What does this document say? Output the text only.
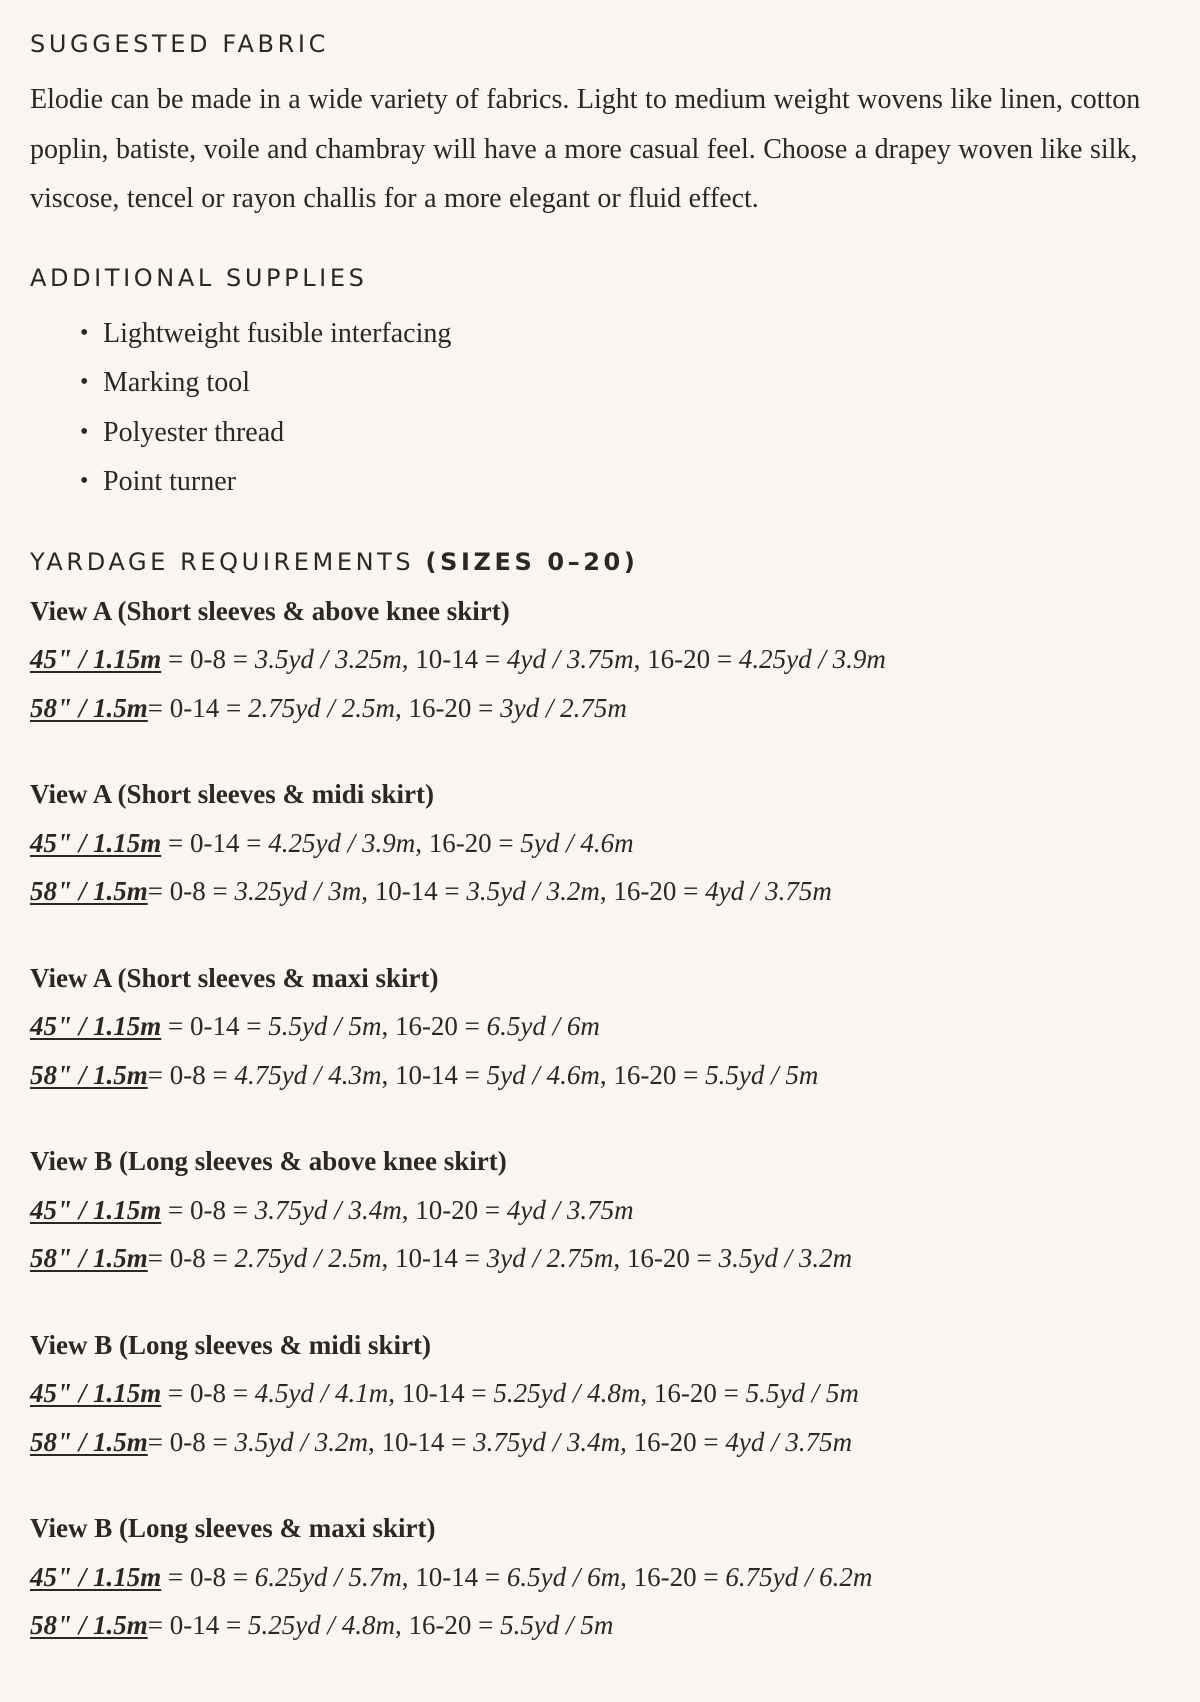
SUGGESTED FABRIC

Elodie can be made in a wide variety of fabrics. Light to medium weight wovens like linen, cotton poplin, batiste, voile and chambray will have a more casual feel. Choose a drapey woven like silk, viscose, tencel or rayon challis for a more elegant or fluid effect.

ADDITIONAL SUPPLIES
• Lightweight fusible interfacing
• Marking tool
• Polyester thread
• Point turner
YARDAGE REQUIREMENTS (SIZES 0–20)

View A (Short sleeves & above knee skirt)

45" / 1.15m = 0-8 = 3.5yd / 3.25m, 10-14 = 4yd / 3.75m, 16-20 = 4.25yd / 3.9m

58" / 1.5m= 0-14 = 2.75yd / 2.5m, 16-20 = 3yd / 2.75m

View A (Short sleeves & midi skirt)

45" / 1.15m = 0-14 = 4.25yd / 3.9m, 16-20 = 5yd / 4.6m

58" / 1.5m= 0-8 = 3.25yd / 3m, 10-14 = 3.5yd / 3.2m, 16-20 = 4yd / 3.75m

View A (Short sleeves & maxi skirt)

45" / 1.15m = 0-14 = 5.5yd / 5m, 16-20 = 6.5yd / 6m

58" / 1.5m= 0-8 = 4.75yd / 4.3m, 10-14 = 5yd / 4.6m, 16-20 = 5.5yd / 5m

View B (Long sleeves & above knee skirt)

45" / 1.15m = 0-8 = 3.75yd / 3.4m, 10-20 = 4yd / 3.75m

58" / 1.5m= 0-8 = 2.75yd / 2.5m, 10-14 = 3yd / 2.75m, 16-20 = 3.5yd / 3.2m

View B (Long sleeves & midi skirt)

45" / 1.15m = 0-8 = 4.5yd / 4.1m, 10-14 = 5.25yd / 4.8m, 16-20 = 5.5yd / 5m

58" / 1.5m= 0-8 = 3.5yd / 3.2m, 10-14 = 3.75yd / 3.4m, 16-20 = 4yd / 3.75m

View B (Long sleeves & maxi skirt)

45" / 1.15m = 0-8 = 6.25yd / 5.7m, 10-14 = 6.5yd / 6m, 16-20 = 6.75yd / 6.2m

58" / 1.5m= 0-14 = 5.25yd / 4.8m, 16-20 = 5.5yd / 5m
